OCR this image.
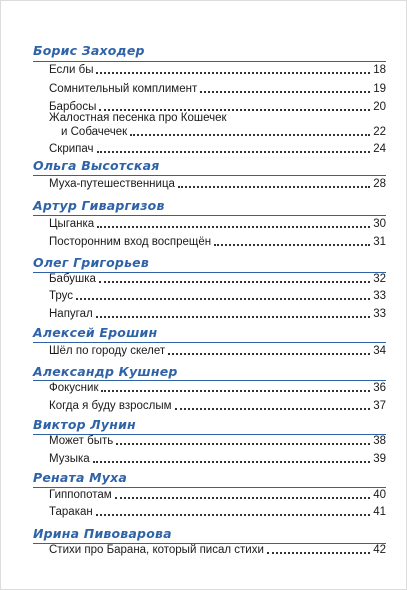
Борис Заходер
Если бы	18
Сомнительный комплимент	19
Барбосы	20
Жалостная песенка про Кошечек
и Собачечек	22
Скрипач	24
Ольга Высотская
Муха-путешественница	28
Артур Гиваргизов
Цыганка	30
Посторонним вход воспрещён	31
Олег Григорьев
Бабушка	32
Трус	33
Напугал	33
Алексей Ерошин
Шёл по городу скелет	34
Александр Кушнер
Фокусник	36
Когда я буду взрослым	37
Виктор Лунин
Может быть	38
Музыка	39
Рената Муха
Гиппопотам	40
Таракан	41
Ирина Пивоварова
Стихи про Барана, который писал стихи	42
